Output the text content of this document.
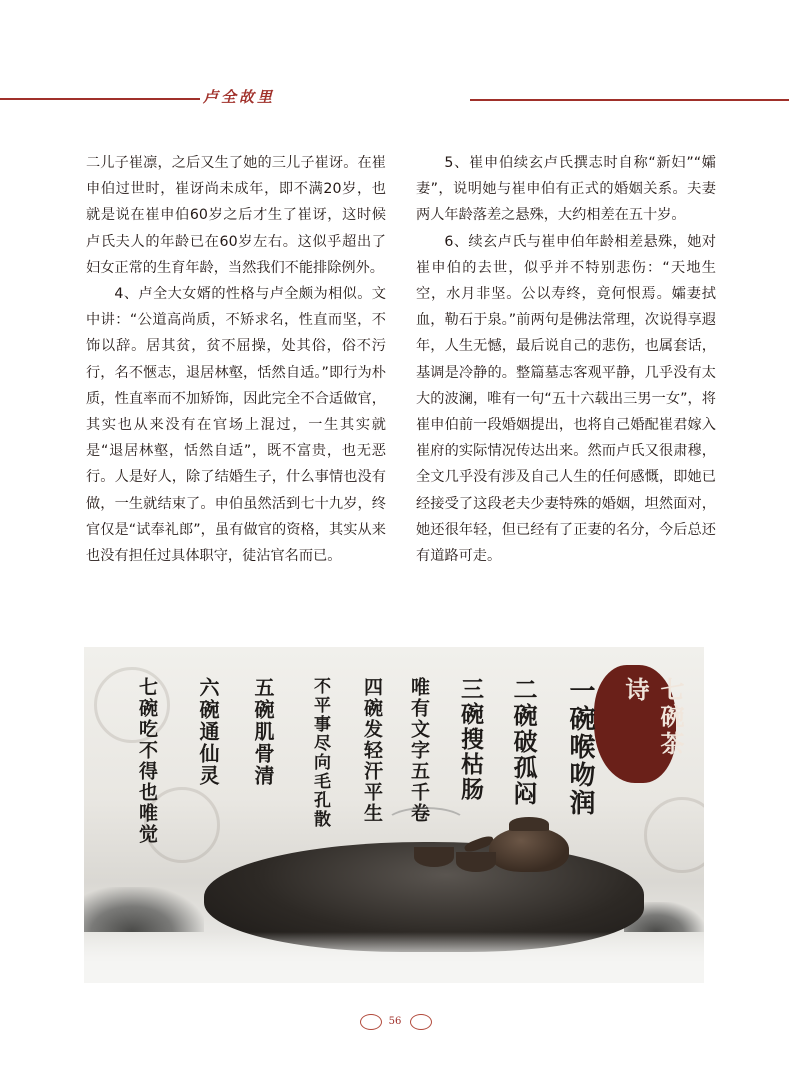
卢全故里

二儿子崔凛，之后又生了她的三儿子崔讶。在崔申伯过世时，崔讶尚未成年，即不满20岁，也就是说在崔申伯60岁之后才生了崔讶，这时候卢氏夫人的年龄已在60岁左右。这似乎超出了妇女正常的生育年龄，当然我们不能排除例外。

4、卢全大女婿的性格与卢全颇为相似。文中讲：“公道高尚质，不矫求名，性直而坚，不饰以辞。居其贫，贫不屈操，处其俗，俗不污行，名不愜志，退居林壑，恬然自适。”即行为朴质，性直率而不加矫饰，因此完全不合适做官，其实也从来没有在官场上混过，一生其实就是“退居林壑，恬然自适”，既不富贵，也无恶行。人是好人，除了结婚生子，什么事情也没有做，一生就结束了。申伯虽然活到七十九岁，终官仅是“试奉礼郎”，虽有做官的资格，其实从来也没有担任过具体职守，徒沾官名而已。

5、崔申伯续玄卢氏撰志时自称“新妇”“孀妻”，说明她与崔申伯有正式的婚姻关系。夫妻两人年龄落差之悬殊，大约相差在五十岁。

6、续玄卢氏与崔申伯年龄相差悬殊，她对崔申伯的去世，似乎并不特别悲伤：“天地生空，水月非坚。公以寿终，竟何恨焉。孀妻拭血，勒石于泉。”前两句是佛法常理，次说得享遐年，人生无憾，最后说自己的悲伤，也属套话，基调是冷静的。整篇墓志客观平静，几乎没有太大的波澜，唯有一句“五十六载出三男一女”，将崔申伯前一段婚姻提出，也将自己婚配崔君嫁入崔府的实际情况传达出来。然而卢氏又很肃穆，全文几乎没有涉及自己人生的任何感慨，即她已经接受了这段老夫少妻特殊的婚姻，坦然面对，她还很年轻，但已经有了正妻的名分，今后总还有道路可走。

七碗茶诗
一碗喉吻润
二碗破孤闷
三碗搜枯肠
唯有文字五千卷
四碗发轻汗平生
不平事尽向毛孔散
五碗肌骨清
六碗通仙灵
七碗吃不得也唯觉
56
